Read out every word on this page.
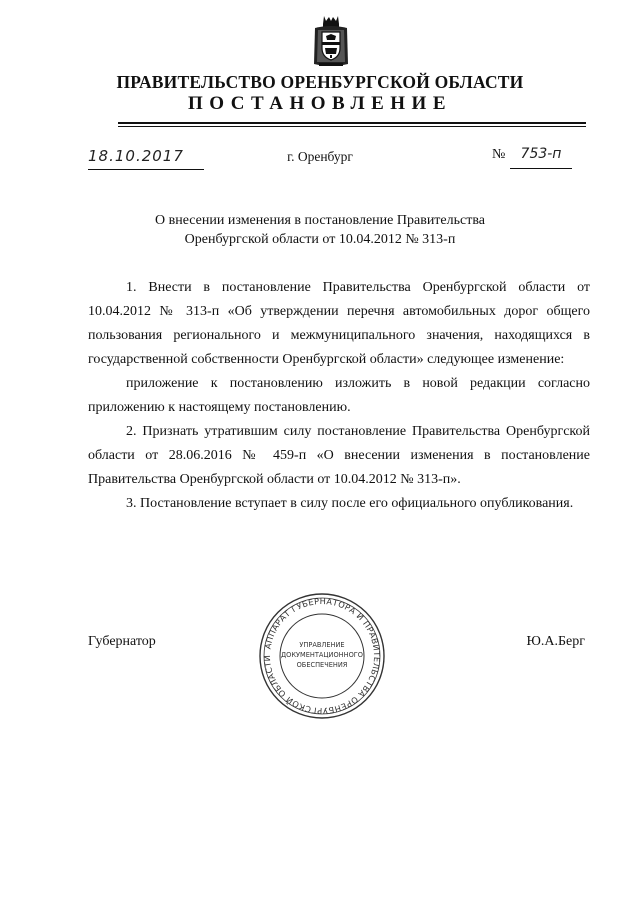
ПРАВИТЕЛЬСТВО ОРЕНБУРГСКОЙ ОБЛАСТИ
ПОСТАНОВЛЕНИЕ
18.10.2017	г. Оренбург	№	753-п
О внесении изменения в постановление Правительства
Оренбургской области от 10.04.2012 № 313-п
1. Внести в постановление Правительства Оренбургской области от 10.04.2012 № 313-п «Об утверждении перечня автомобильных дорог общего пользования регионального и межмуниципального значения, находящихся в государственной собственности Оренбургской области» следующее изменение:
приложение к постановлению изложить в новой редакции согласно приложению к настоящему постановлению.
2. Признать утратившим силу постановление Правительства Оренбургской области от 28.06.2016 № 459-п «О внесении изменения в постановление Правительства Оренбургской области от 10.04.2012 № 313-п».
3. Постановление вступает в силу после его официального опубликования.
Губернатор	Ю.А.Берг
АППАРАТ ГУБЕРНАТОРА И ПРАВИТЕЛЬСТВА ОРЕНБУРГСКОЙ ОБЛАСТИ
УПРАВЛЕНИЕ
ДОКУМЕНТАЦИОННОГО
ОБЕСПЕЧЕНИЯ
